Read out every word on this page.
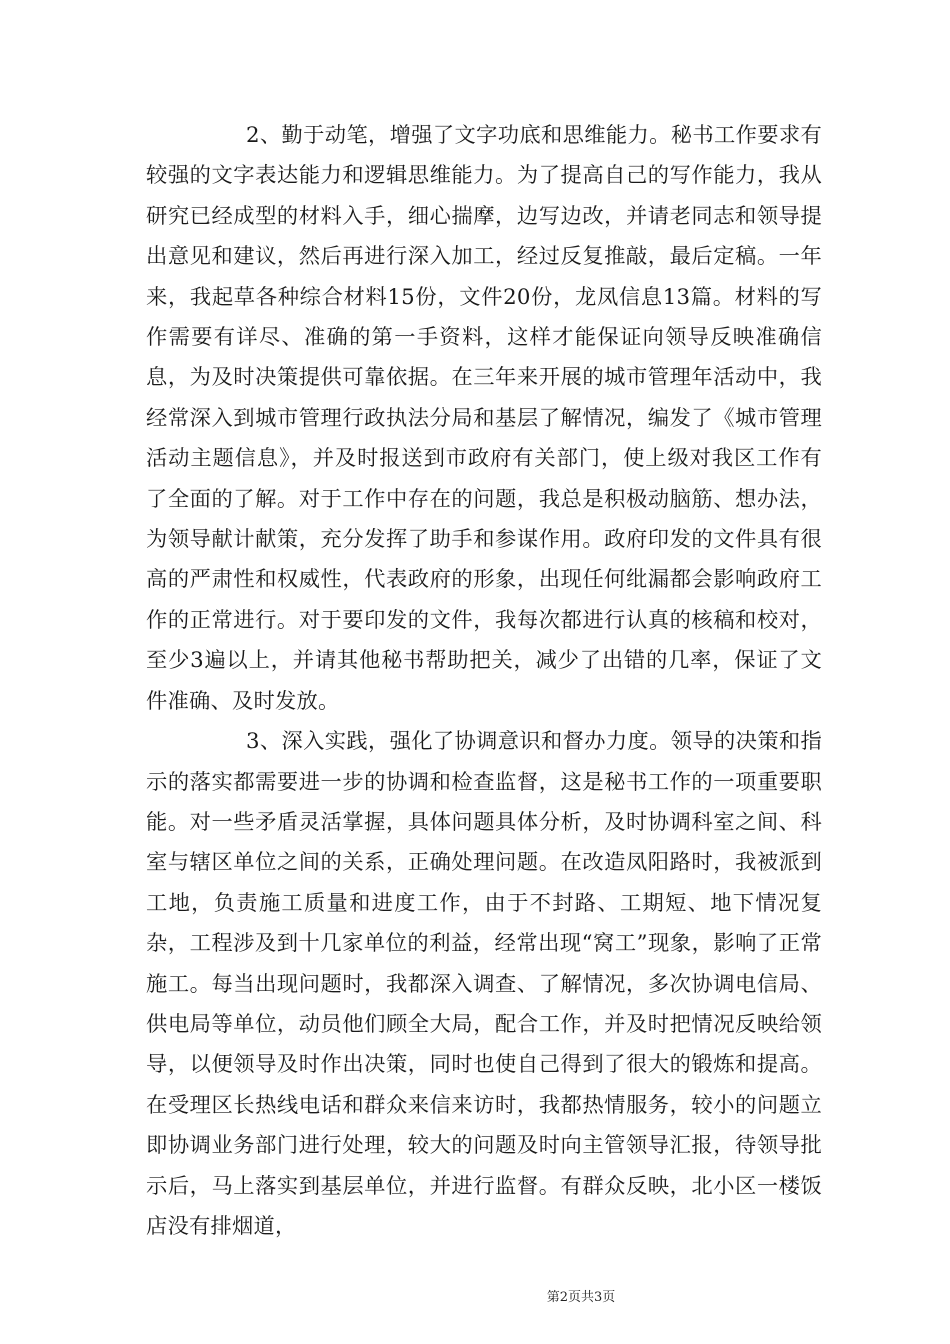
2、勤于动笔，增强了文字功底和思维能力。秘书工作要求有较强的文字表达能力和逻辑思维能力。为了提高自己的写作能力，我从研究已经成型的材料入手，细心揣摩，边写边改，并请老同志和领导提出意见和建议，然后再进行深入加工，经过反复推敲，最后定稿。一年来，我起草各种综合材料15份，文件20份，龙凤信息13篇。材料的写作需要有详尽、准确的第一手资料，这样才能保证向领导反映准确信息，为及时决策提供可靠依据。在三年来开展的城市管理年活动中，我经常深入到城市管理行政执法分局和基层了解情况，编发了《城市管理活动主题信息》，并及时报送到市政府有关部门，使上级对我区工作有了全面的了解。对于工作中存在的问题，我总是积极动脑筋、想办法，为领导献计献策，充分发挥了助手和参谋作用。政府印发的文件具有很高的严肃性和权威性，代表政府的形象，出现任何纰漏都会影响政府工作的正常进行。对于要印发的文件，我每次都进行认真的核稿和校对，至少3遍以上，并请其他秘书帮助把关，减少了出错的几率，保证了文件准确、及时发放。

3、深入实践，强化了协调意识和督办力度。领导的决策和指示的落实都需要进一步的协调和检查监督，这是秘书工作的一项重要职能。对一些矛盾灵活掌握，具体问题具体分析，及时协调科室之间、科室与辖区单位之间的关系，正确处理问题。在改造凤阳路时，我被派到工地，负责施工质量和进度工作，由于不封路、工期短、地下情况复杂，工程涉及到十几家单位的利益，经常出现“窝工”现象，影响了正常施工。每当出现问题时，我都深入调查、了解情况，多次协调电信局、供电局等单位，动员他们顾全大局，配合工作，并及时把情况反映给领导，以便领导及时作出决策，同时也使自己得到了很大的锻炼和提高。在受理区长热线电话和群众来信来访时，我都热情服务，较小的问题立即协调业务部门进行处理，较大的问题及时向主管领导汇报，待领导批示后，马上落实到基层单位，并进行监督。有群众反映，北小区一楼饭店没有排烟道，

第2页共3页
